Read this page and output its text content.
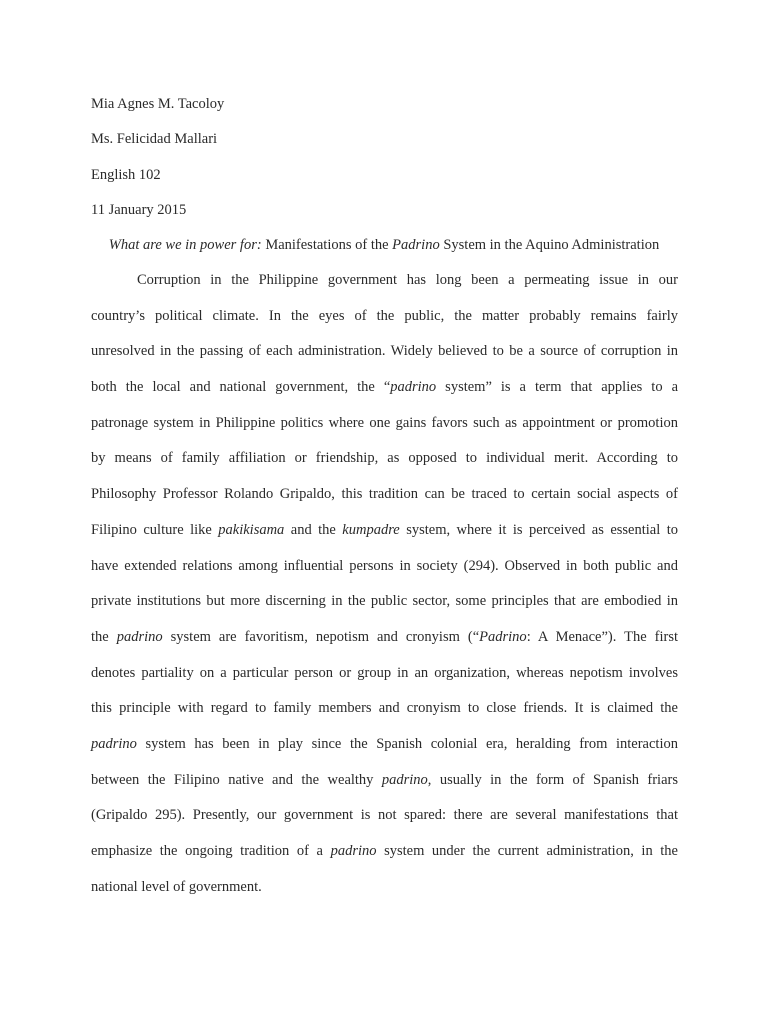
Mia Agnes M. Tacoloy
Ms. Felicidad Mallari
English 102
11 January 2015
What are we in power for: Manifestations of the Padrino System in the Aquino Administration
Corruption in the Philippine government has long been a permeating issue in our
country’s political climate. In the eyes of the public, the matter probably remains fairly
unresolved in the passing of each administration. Widely believed to be a source of corruption in
both the local and national government, the “padrino system” is a term that applies to a
patronage system in Philippine politics where one gains favors such as appointment or promotion
by means of family affiliation or friendship, as opposed to individual merit. According to
Philosophy Professor Rolando Gripaldo, this tradition can be traced to certain social aspects of
Filipino culture like pakikisama and the kumpadre system, where it is perceived as essential to
have extended relations among influential persons in society (294). Observed in both public and
private institutions but more discerning in the public sector, some principles that are embodied in
the padrino system are favoritism, nepotism and cronyism (“Padrino: A Menace”). The first
denotes partiality on a particular person or group in an organization, whereas nepotism involves
this principle with regard to family members and cronyism to close friends. It is claimed the
padrino system has been in play since the Spanish colonial era, heralding from interaction
between the Filipino native and the wealthy padrino, usually in the form of Spanish friars
(Gripaldo 295). Presently, our government is not spared: there are several manifestations that
emphasize the ongoing tradition of a padrino system under the current administration, in the
national level of government.
